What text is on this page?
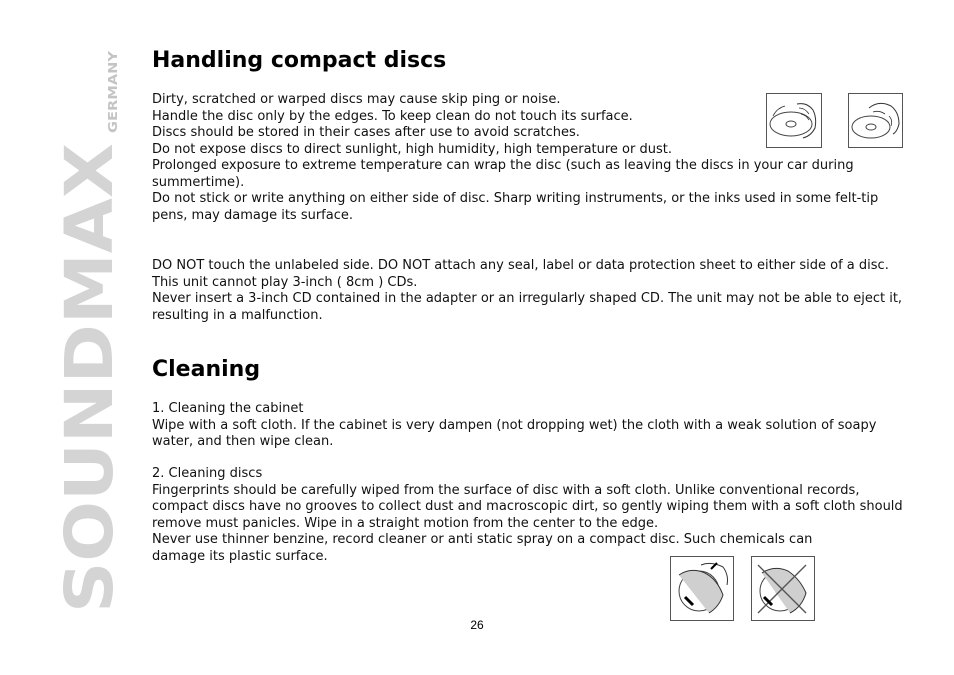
SOUNDMAX
GERMANY
Handling compact discs
Dirty, scratched or warped discs may cause skip ping or noise.
Handle the disc only by the edges. To keep clean do not touch its surface.
Discs should be stored in their cases after use to avoid scratches.
Do not expose discs to direct sunlight, high humidity, high temperature or dust.
Prolonged exposure to extreme temperature can wrap the disc (such as leaving the discs in your car during summertime).
Do not stick or write anything on either side of disc. Sharp writing instruments, or the inks used in some felt-tip pens, may damage its surface.
DO NOT touch the unlabeled side. DO NOT attach any seal, label or data protection sheet to either side of a disc.
This unit cannot play 3-inch ( 8cm ) CDs.
Never insert a 3-inch CD contained in the adapter or an irregularly shaped CD. The unit may not be able to eject it, resulting in a malfunction.
Cleaning
1. Cleaning the cabinet
Wipe with a soft cloth. If the cabinet is very dampen (not dropping wet) the cloth with a weak solution of soapy water, and then wipe clean.
2. Cleaning discs
Fingerprints should be carefully wiped from the surface of disc with a soft cloth. Unlike conventional records, compact discs have no grooves to collect dust and macroscopic dirt, so gently wiping them with a soft cloth should remove must panicles. Wipe in a straight motion from the center to the edge.
Never use thinner benzine, record cleaner or anti static spray on a compact disc. Such chemicals can damage its plastic surface.
26
